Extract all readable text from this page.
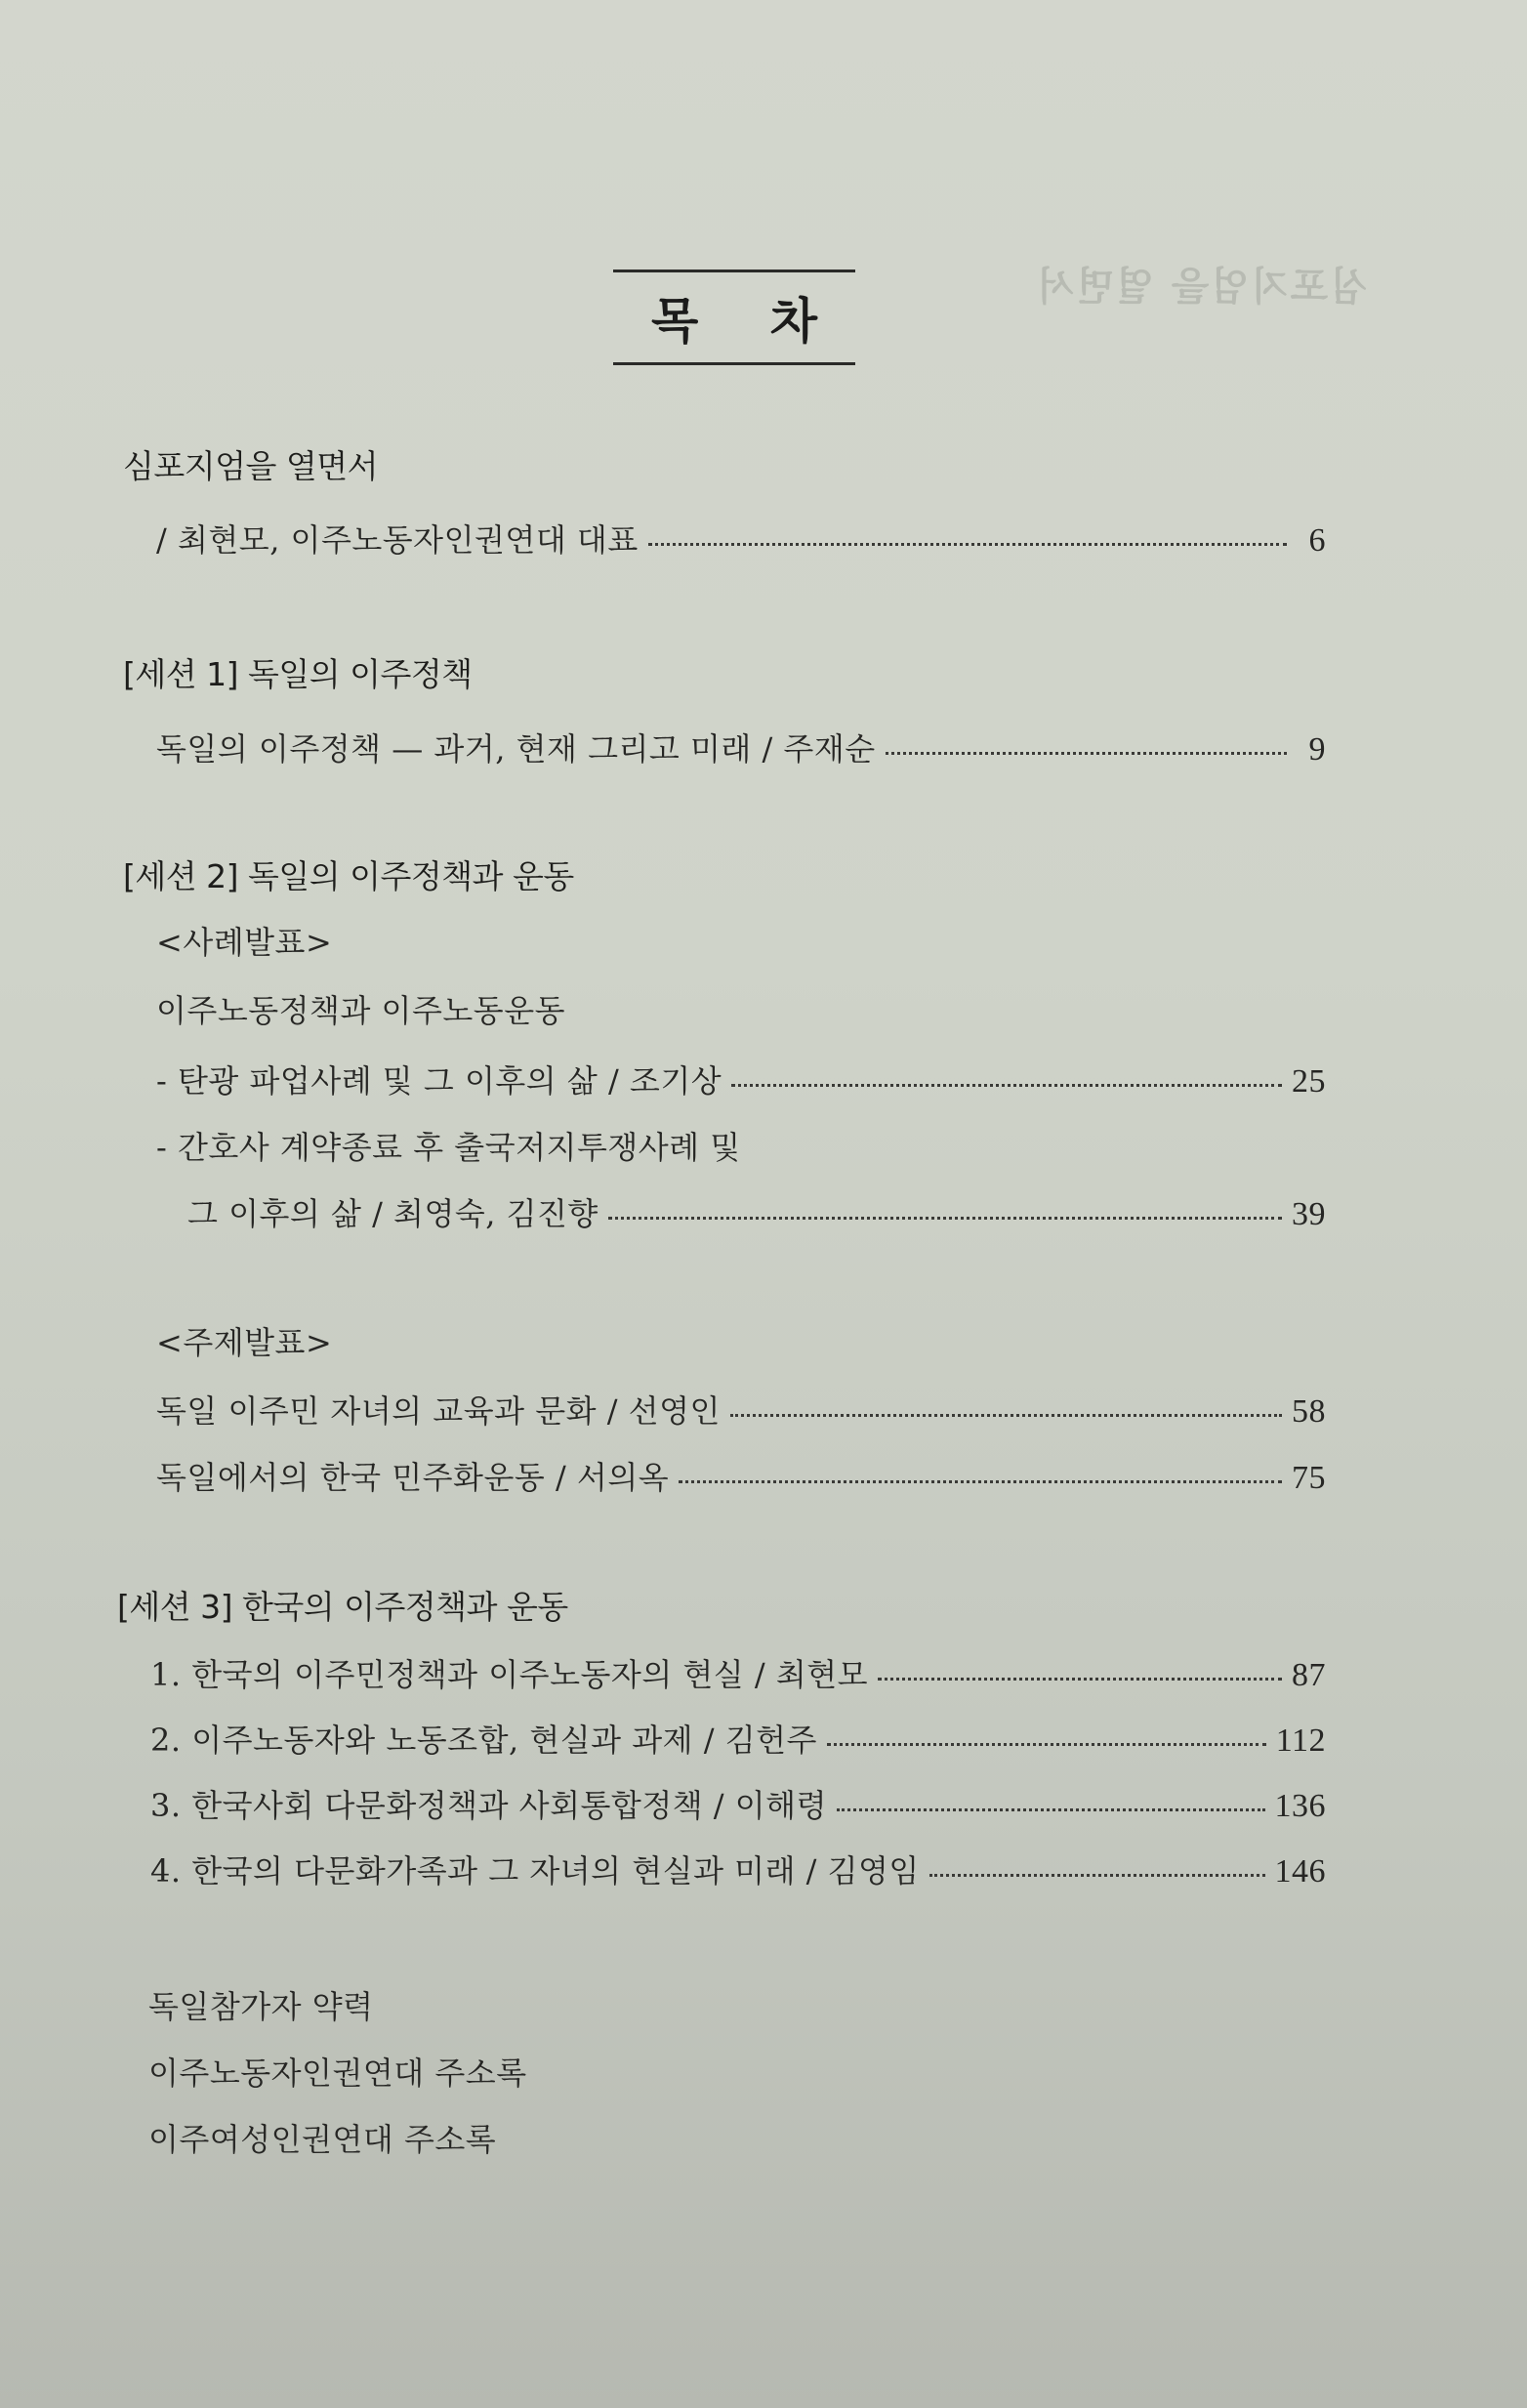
심포지엄을 열면서
목 차
심포지엄을 열면서
/ 최현모, 이주노동자인권연대 대표	6
[세션 1] 독일의 이주정책
독일의 이주정책 — 과거, 현재 그리고 미래 / 주재순	9
[세션 2] 독일의 이주정책과 운동
<사례발표>
이주노동정책과 이주노동운동
- 탄광 파업사례 및 그 이후의 삶 / 조기상	25
- 간호사 계약종료 후 출국저지투쟁사례 및
그 이후의 삶 / 최영숙, 김진향	39
<주제발표>
독일 이주민 자녀의 교육과 문화 / 선영인	58
독일에서의 한국 민주화운동 / 서의옥	75
[세션 3] 한국의 이주정책과 운동
1. 한국의 이주민정책과 이주노동자의 현실 / 최현모	87
2. 이주노동자와 노동조합, 현실과 과제 / 김헌주	112
3. 한국사회 다문화정책과 사회통합정책 / 이해령	136
4. 한국의 다문화가족과 그 자녀의 현실과 미래 / 김영임	146
독일참가자 약력
이주노동자인권연대 주소록
이주여성인권연대 주소록
